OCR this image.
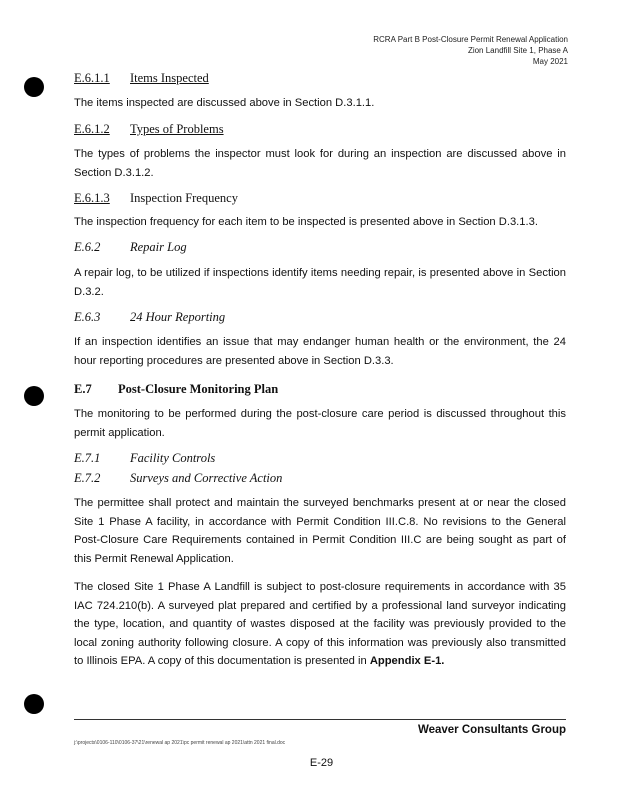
RCRA Part B Post-Closure Permit Renewal Application
Zion Landfill Site 1, Phase A
May 2021
E.6.1.1 Items Inspected
The items inspected are discussed above in Section D.3.1.1.
E.6.1.2 Types of Problems
The types of problems the inspector must look for during an inspection are discussed above in Section D.3.1.2.
E.6.1.3 Inspection Frequency
The inspection frequency for each item to be inspected is presented above in Section D.3.1.3.
E.6.2 Repair Log
A repair log, to be utilized if inspections identify items needing repair, is presented above in Section D.3.2.
E.6.3 24 Hour Reporting
If an inspection identifies an issue that may endanger human health or the environment, the 24 hour reporting procedures are presented above in Section D.3.3.
E.7 Post-Closure Monitoring Plan
The monitoring to be performed during the post-closure care period is discussed throughout this permit application.
E.7.1 Facility Controls
E.7.2 Surveys and Corrective Action
The permittee shall protect and maintain the surveyed benchmarks present at or near the closed Site 1 Phase A facility, in accordance with Permit Condition III.C.8. No revisions to the General Post-Closure Care Requirements contained in Permit Condition III.C are being sought as part of this Permit Renewal Application.
The closed Site 1 Phase A Landfill is subject to post-closure requirements in accordance with 35 IAC 724.210(b). A surveyed plat prepared and certified by a professional land surveyor indicating the type, location, and quantity of wastes disposed at the facility was previously provided to the local zoning authority following closure. A copy of this information was previously also transmitted to Illinois EPA. A copy of this documentation is presented in Appendix E-1.
Weaver Consultants Group
j:\projects\0106-110\0106-37\21\renewal ap 2021\pc permit renewal ap 2021\attn 2021 final.doc
E-29
